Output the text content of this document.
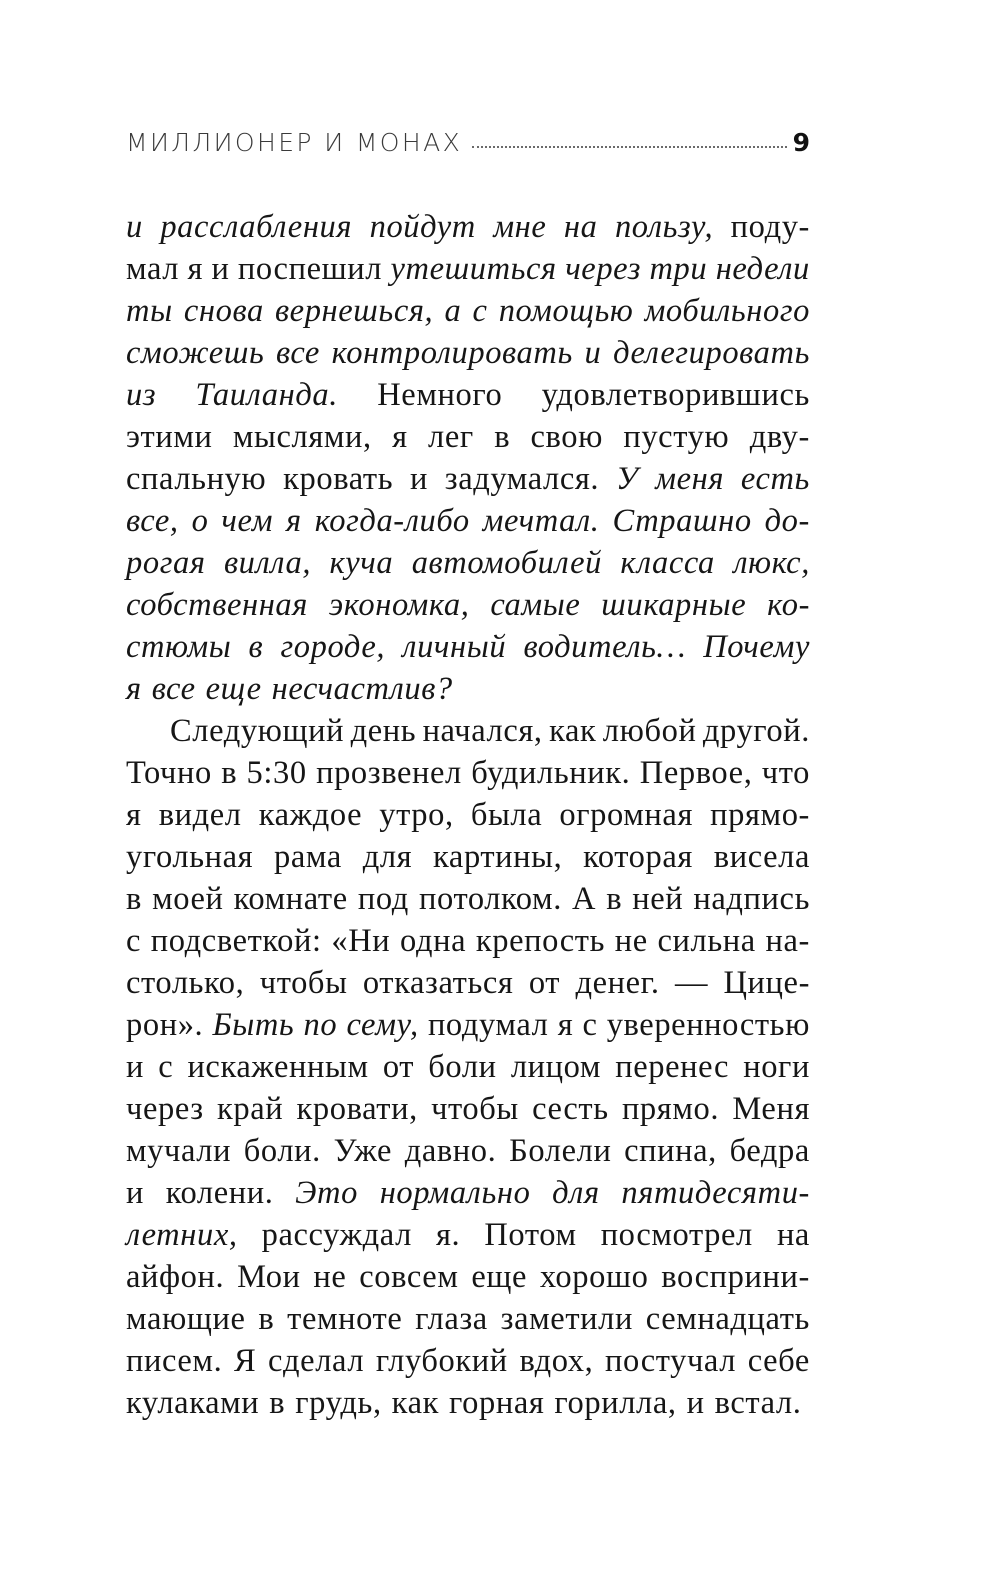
МИЛЛИОНЕР И МОНАХ	9
и расслабления пойдут мне на пользу, поду-
мал я и поспешил утешиться через три недели
ты снова вернешься, а с помощью мобильного
сможешь все контролировать и делегировать
из Таиланда. Немного удовлетворившись
этими мыслями, я лег в свою пустую дву-
спальную кровать и задумался. У меня есть
все, о чем я когда-либо мечтал. Страшно до-
рогая вилла, куча автомобилей класса люкс,
собственная экономка, самые шикарные ко-
стюмы в городе, личный водитель… Почему
я все еще несчастлив?
Следующий день начался, как любой другой.
Точно в 5:30 прозвенел будильник. Первое, что
я видел каждое утро, была огромная прямо-
угольная рама для картины, которая висела
в моей комнате под потолком. А в ней надпись
с подсветкой: «Ни одна крепость не сильна на-
столько, чтобы отказаться от денег. — Цице-
рон». Быть по сему, подумал я с уверенностью
и с искаженным от боли лицом перенес ноги
через край кровати, чтобы сесть прямо. Меня
мучали боли. Уже давно. Болели спина, бедра
и колени. Это нормально для пятидесяти-
летних, рассуждал я. Потом посмотрел на
айфон. Мои не совсем еще хорошо восприни-
мающие в темноте глаза заметили семнадцать
писем. Я сделал глубокий вдох, постучал себе
кулаками в грудь, как горная горилла, и встал.
